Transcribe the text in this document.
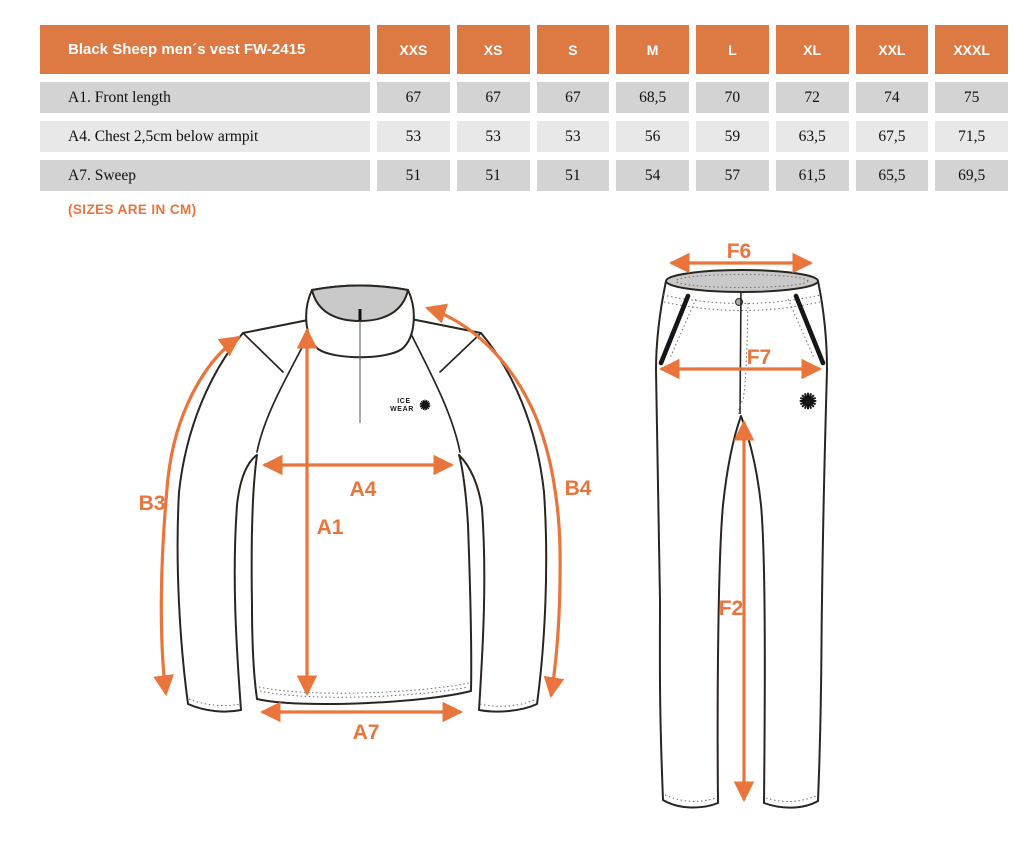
Black Sheep men´s vest FW-2415	XXS	XS	S	M	L	XL	XXL	XXXL
A1. Front length	67	67	67	68,5	70	72	74	75
A4. Chest 2,5cm below armpit	53	53	53	56	59	63,5	67,5	71,5
A7. Sweep	51	51	51	54	57	61,5	65,5	69,5
(SIZES ARE IN CM)
ICE
WEAR
B3
A4
A1
B4
A7
F6
F7
F2
